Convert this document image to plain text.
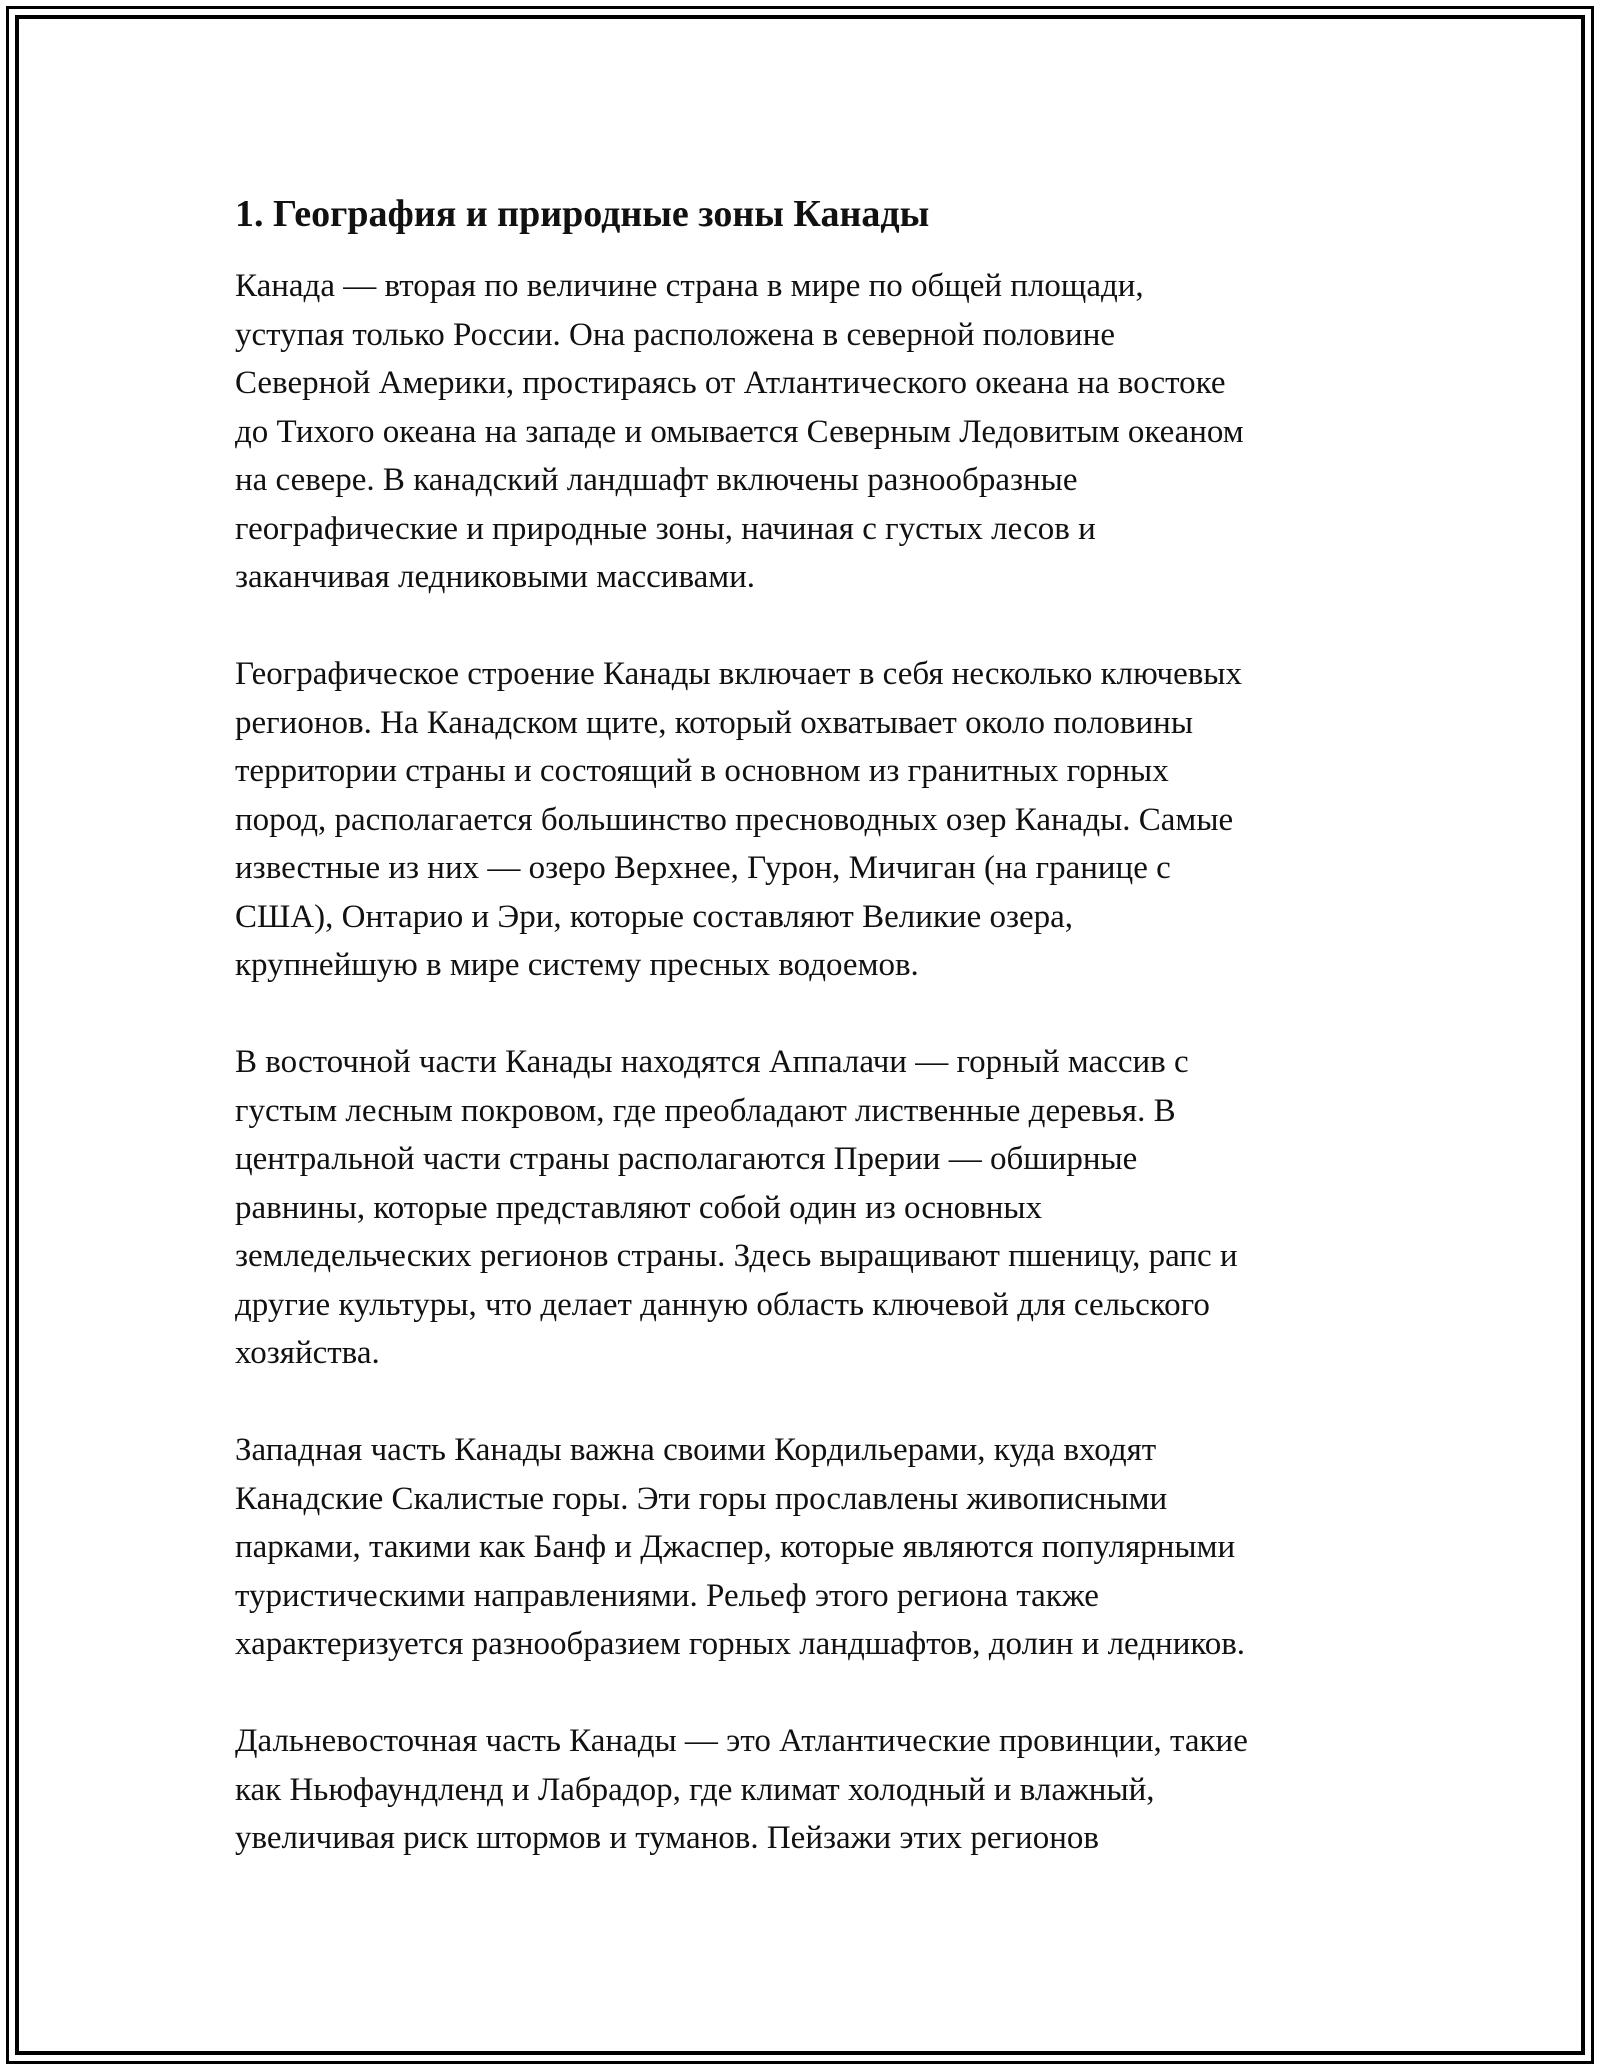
1. География и природные зоны Канады
Канада — вторая по величине страна в мире по общей площади,
уступая только России. Она расположена в северной половине
Северной Америки, простираясь от Атлантического океана на востоке
до Тихого океана на западе и омывается Северным Ледовитым океаном
на севере. В канадский ландшафт включены разнообразные
географические и природные зоны, начиная с густых лесов и
заканчивая ледниковыми массивами.
Географическое строение Канады включает в себя несколько ключевых
регионов. На Канадском щите, который охватывает около половины
территории страны и состоящий в основном из гранитных горных
пород, располагается большинство пресноводных озер Канады. Самые
известные из них — озеро Верхнее, Гурон, Мичиган (на границе с
США), Онтарио и Эри, которые составляют Великие озера,
крупнейшую в мире систему пресных водоемов.
В восточной части Канады находятся Аппалачи — горный массив с
густым лесным покровом, где преобладают лиственные деревья. В
центральной части страны располагаются Прерии — обширные
равнины, которые представляют собой один из основных
земледельческих регионов страны. Здесь выращивают пшеницу, рапс и
другие культуры, что делает данную область ключевой для сельского
хозяйства.
Западная часть Канады важна своими Кордильерами, куда входят
Канадские Скалистые горы. Эти горы прославлены живописными
парками, такими как Банф и Джаспер, которые являются популярными
туристическими направлениями. Рельеф этого региона также
характеризуется разнообразием горных ландшафтов, долин и ледников.
Дальневосточная часть Канады — это Атлантические провинции, такие
как Ньюфаундленд и Лабрадор, где климат холодный и влажный,
увеличивая риск штормов и туманов. Пейзажи этих регионов
